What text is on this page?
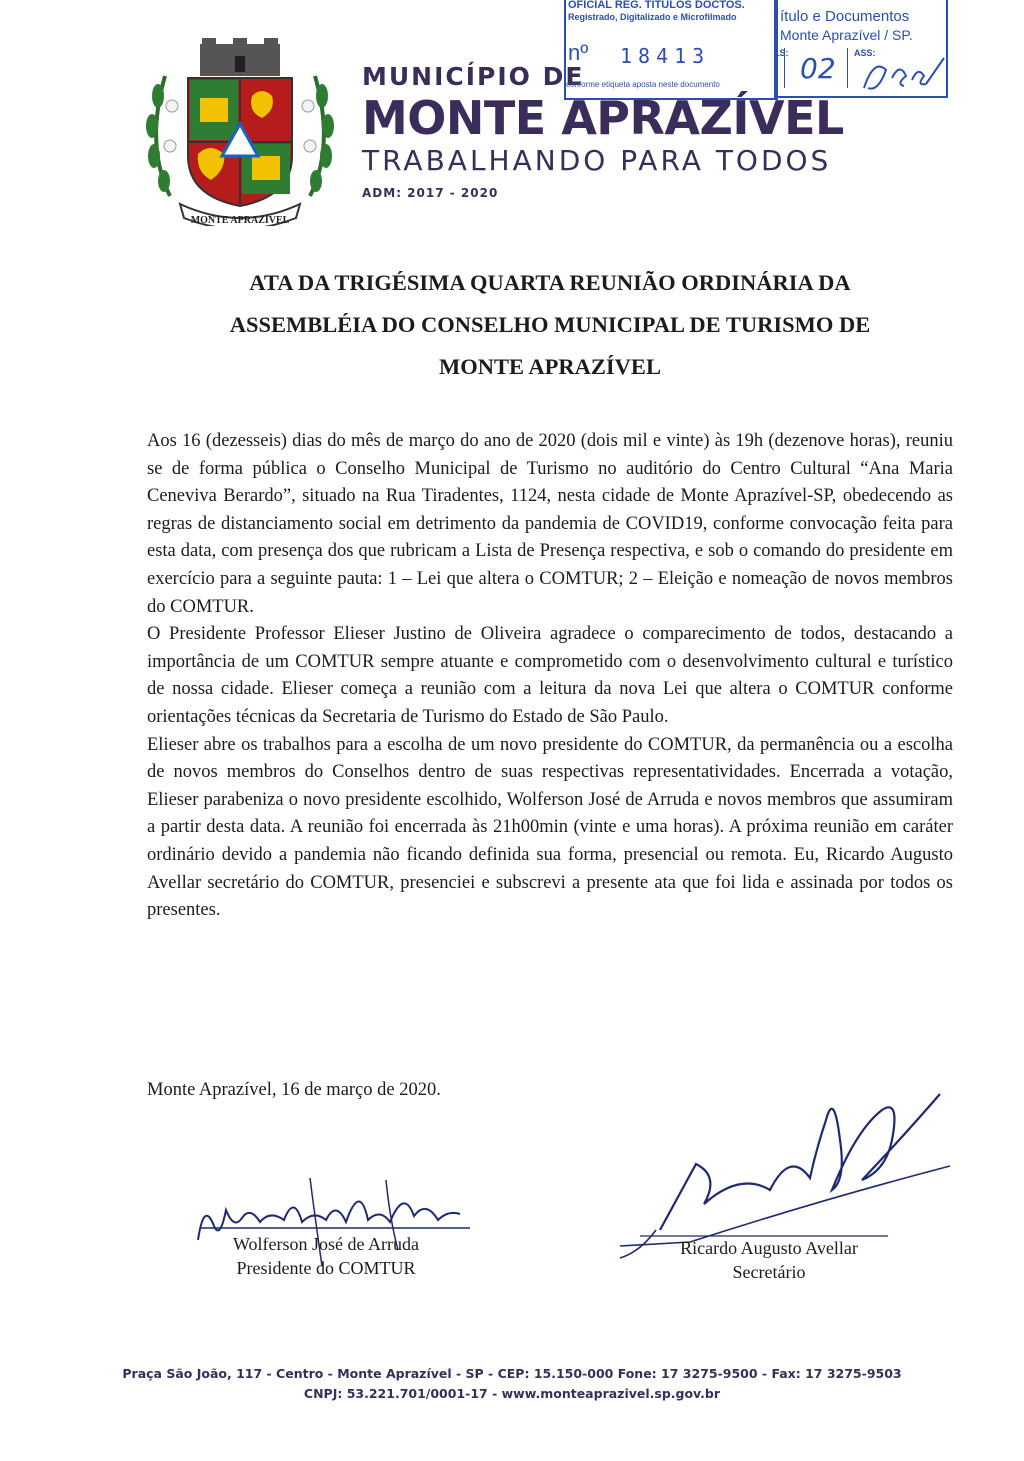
MONTE APRAZÍVEL
MUNICÍPIO DE
MONTE APRAZÍVEL
TRABALHANDO PARA TODOS
ADM: 2017 - 2020
OFICIAL REG. TITULOS DOCTOS.
Registrado, Digitalizado e Microfilmado
nº 18413
conforme etiqueta aposta neste documento
ítulo e Documentos
Monte Aprazível / SP.
LS: 02 ASS:
ATA DA TRIGÉSIMA QUARTA REUNIÃO ORDINÁRIA DA
ASSEMBLÉIA DO CONSELHO MUNICIPAL DE TURISMO DE
MONTE APRAZÍVEL

Aos 16 (dezesseis) dias do mês de março do ano de 2020 (dois mil e vinte) às 19h (dezenove horas), reuniu se de forma pública o Conselho Municipal de Turismo no auditório do Centro Cultural “Ana Maria Ceneviva Berardo”, situado na Rua Tiradentes, 1124, nesta cidade de Monte Aprazível-SP, obedecendo as regras de distanciamento social em detrimento da pandemia de COVID19, conforme convocação feita para esta data, com presença dos que rubricam a Lista de Presença respectiva, e sob o comando do presidente em exercício para a seguinte pauta: 1 – Lei que altera o COMTUR; 2 – Eleição e nomeação de novos membros do COMTUR.

O Presidente Professor Elieser Justino de Oliveira agradece o comparecimento de todos, destacando a importância de um COMTUR sempre atuante e comprometido com o desenvolvimento cultural e turístico de nossa cidade. Elieser começa a reunião com a leitura da nova Lei que altera o COMTUR conforme orientações técnicas da Secretaria de Turismo do Estado de São Paulo.

Elieser abre os trabalhos para a escolha de um novo presidente do COMTUR, da permanência ou a escolha de novos membros do Conselhos dentro de suas respectivas representatividades. Encerrada a votação, Elieser parabeniza o novo presidente escolhido, Wolferson José de Arruda e novos membros que assumiram a partir desta data. A reunião foi encerrada às 21h00min (vinte e uma horas). A próxima reunião em caráter ordinário devido a pandemia não ficando definida sua forma, presencial ou remota. Eu, Ricardo Augusto Avellar secretário do COMTUR, presenciei e subscrevi a presente ata que foi lida e assinada por todos os presentes.

Monte Aprazível, 16 de março de 2020.
Wolferson José de Arruda
Presidente do COMTUR
Ricardo Augusto Avellar
Secretário
Praça São João, 117 - Centro - Monte Aprazível - SP - CEP: 15.150-000 Fone: 17 3275-9500 - Fax: 17 3275-9503
CNPJ: 53.221.701/0001-17 - www.monteaprazivel.sp.gov.br
